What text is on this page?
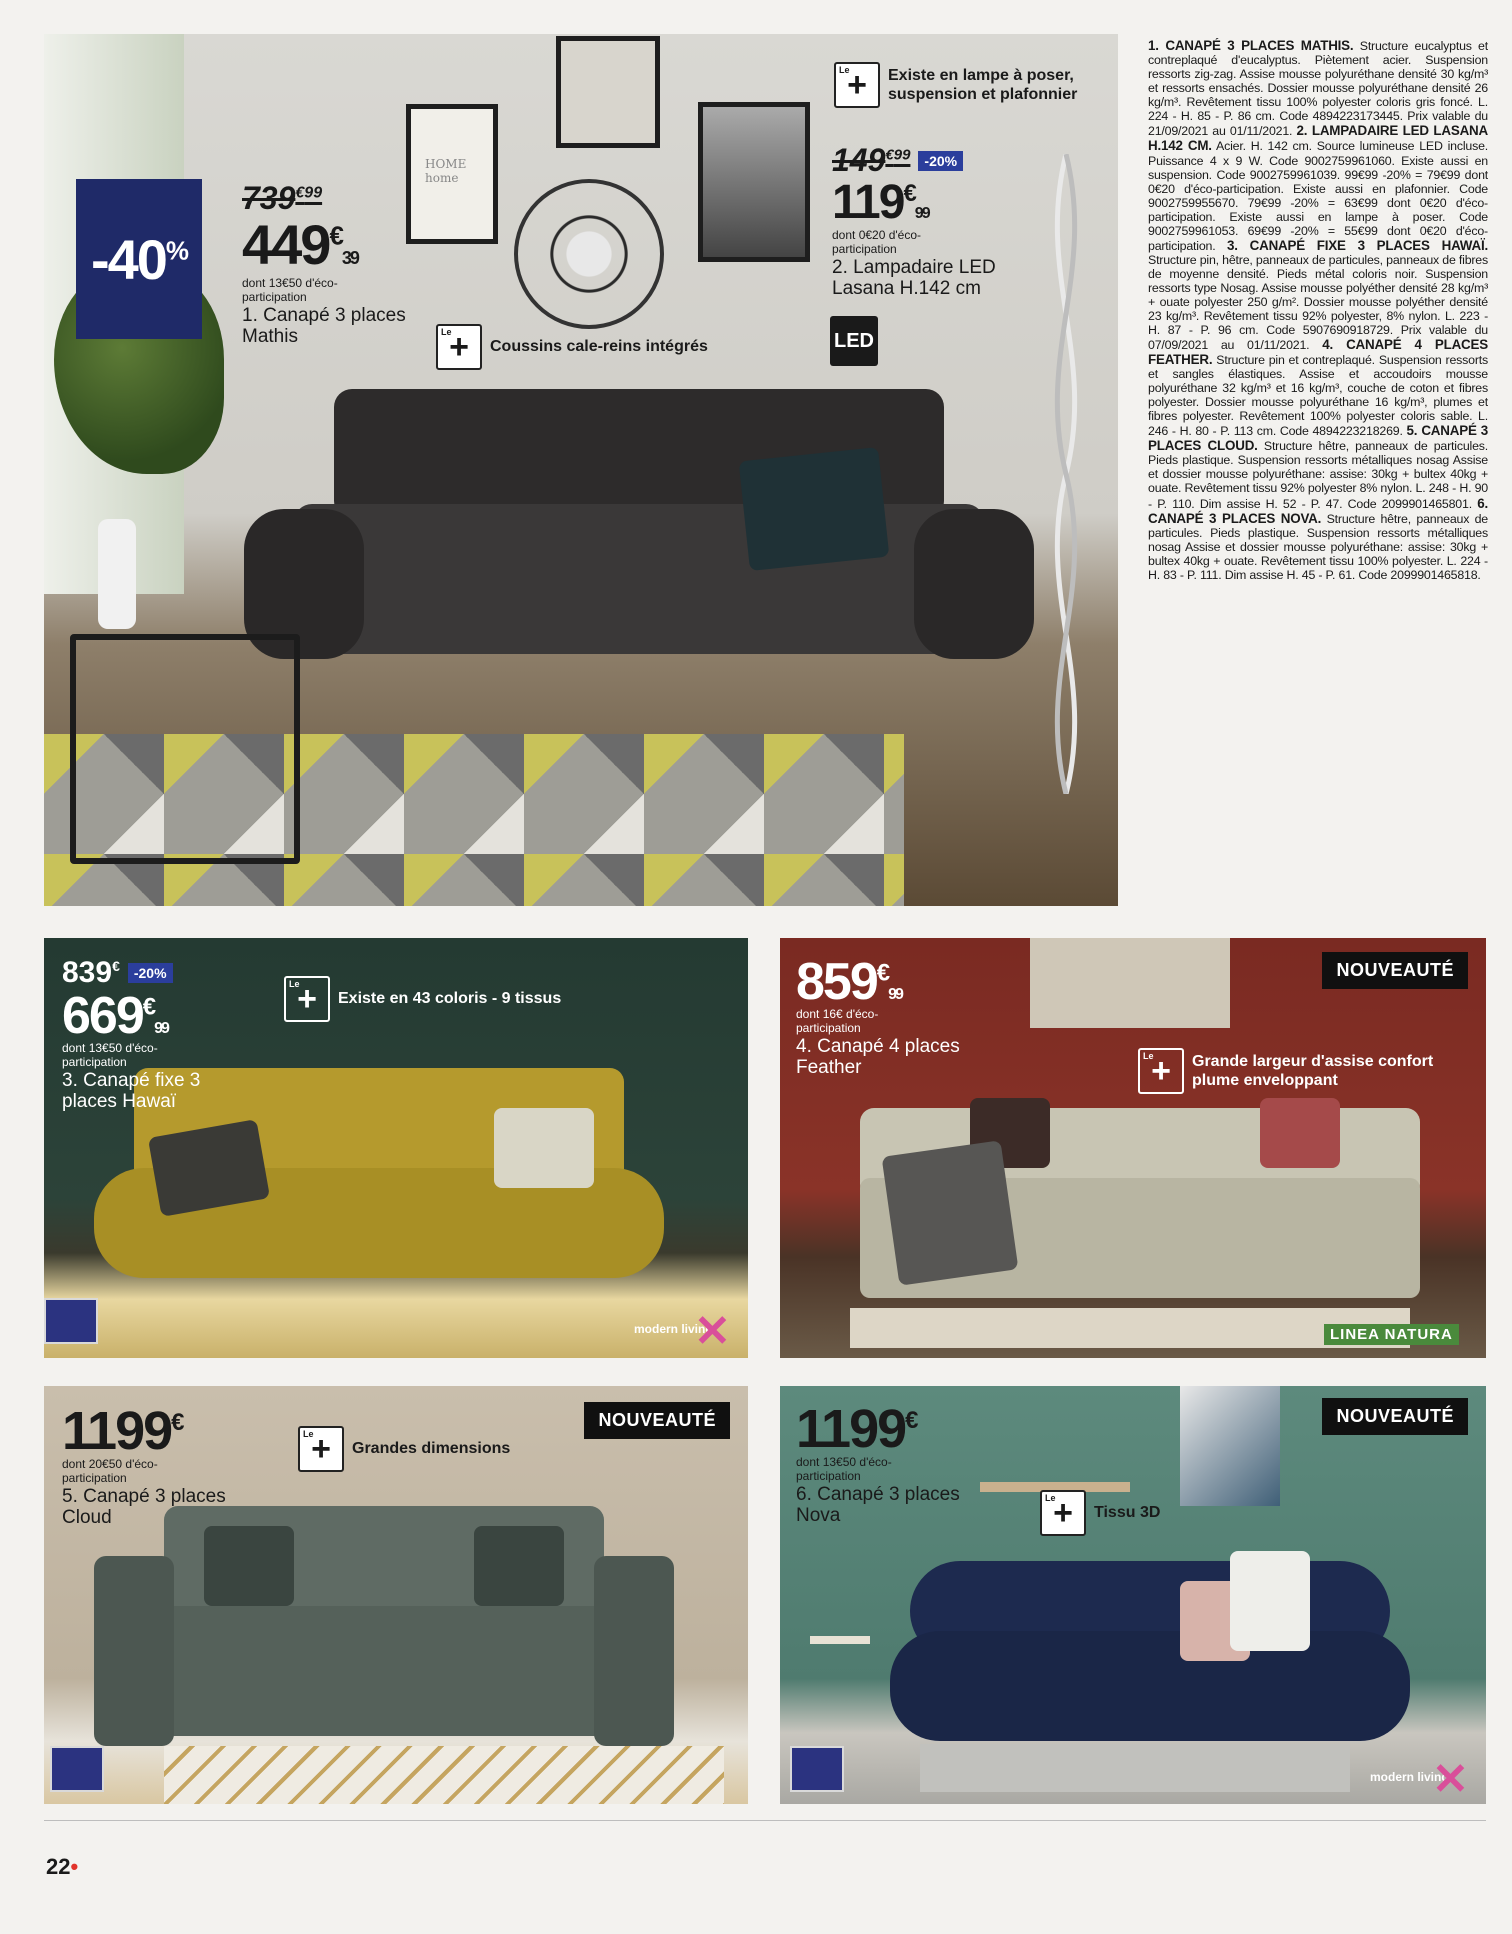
HOME home
-40%
$739^{€99}$
449€39
dont 13€50 d'éco-participation
1. Canapé 3 places Mathis Le +	Coussins cale-reins intégrés
Le +
Existe en lampe à poser, suspension et plafonnier
$149^{€99}$	-20%
119€99
dont 0€20 d'éco-participation
2. Lampadaire LED Lasana H.142 cm
LED

1. CANAPÉ 3 PLACES MATHIS. Structure eucalyptus et contreplaqué d'eucalyptus. Piètement acier. Suspension ressorts zig-zag. Assise mousse polyuréthane densité 30 kg/m³ et ressorts ensachés. Dossier mousse polyuréthane densité 26 kg/m³. Revêtement tissu 100% polyester coloris gris foncé. L. 224 - H. 85 - P. 86 cm. Code 4894223173445. Prix valable du 21/09/2021 au 01/11/2021. 2. LAMPADAIRE LED LASANA H.142 CM. Acier. H. 142 cm. Source lumineuse LED incluse. Puissance 4 x 9 W. Code 9002759961060. Existe aussi en suspension. Code 9002759961039. 99€99 -20% = 79€99 dont 0€20 d'éco-participation. Existe aussi en plafonnier. Code 9002759955670. 79€99 -20% = 63€99 dont 0€20 d'éco-participation. Existe aussi en lampe à poser. Code 9002759961053. 69€99 -20% = 55€99 dont 0€20 d'éco-participation. 3. CANAPÉ FIXE 3 PLACES HAWAÏ. Structure pin, hêtre, panneaux de particules, panneaux de fibres de moyenne densité. Pieds métal coloris noir. Suspension ressorts type Nosag. Assise mousse polyéther densité 28 kg/m³ + ouate polyester 250 g/m². Dossier mousse polyéther densité 23 kg/m³. Revêtement tissu 92% polyester, 8% nylon. L. 223 - H. 87 - P. 96 cm. Code 5907690918729. Prix valable du 07/09/2021 au 01/11/2021. 4. CANAPÉ 4 PLACES FEATHER. Structure pin et contreplaqué. Suspension ressorts et sangles élastiques. Assise et accoudoirs mousse polyuréthane 32 kg/m³ et 16 kg/m³, couche de coton et fibres polyester. Dossier mousse polyuréthane 16 kg/m³, plumes et fibres polyester. Revêtement 100% polyester coloris sable. L. 246 - H. 80 - P. 113 cm. Code 4894223218269. 5. CANAPÉ 3 PLACES CLOUD. Structure hêtre, panneaux de particules. Pieds plastique. Suspension ressorts métalliques nosag Assise et dossier mousse polyuréthane: assise: 30kg + bultex 40kg + ouate. Revêtement tissu 92% polyester 8% nylon. L. 248 - H. 90 - P. 110. Dim assise H. 52 - P. 47. Code 2099901465801. 6. CANAPÉ 3 PLACES NOVA. Structure hêtre, panneaux de particules. Pieds plastique. Suspension ressorts métalliques nosag Assise et dossier mousse polyuréthane: assise: 30kg + bultex 40kg + ouate. Revêtement tissu 100% polyester. L. 224 - H. 83 - P. 111. Dim assise H. 45 - P. 61. Code 2099901465818.

modern living
✕
839€	-20%
669€99
dont 13€50 d'éco-participation
3. Canapé fixe 3 places Hawaï
Le +
Existe en 43 coloris - 9 tissus
LINEA NATURA
NOUVEAUTÉ
859€99
dont 16€ d'éco-participation
4. Canapé 4 places Feather Le +	Grande largeur d'assise confort plume enveloppant
NOUVEAUTÉ
1199€
dont 20€50 d'éco-participation
5. Canapé 3 places Cloud
Le +
Grandes dimensions
modern living
✕
NOUVEAUTÉ
1199€
dont 13€50 d'éco-participation
6. Canapé 3 places Nova Le +	Tissu 3D
22•
